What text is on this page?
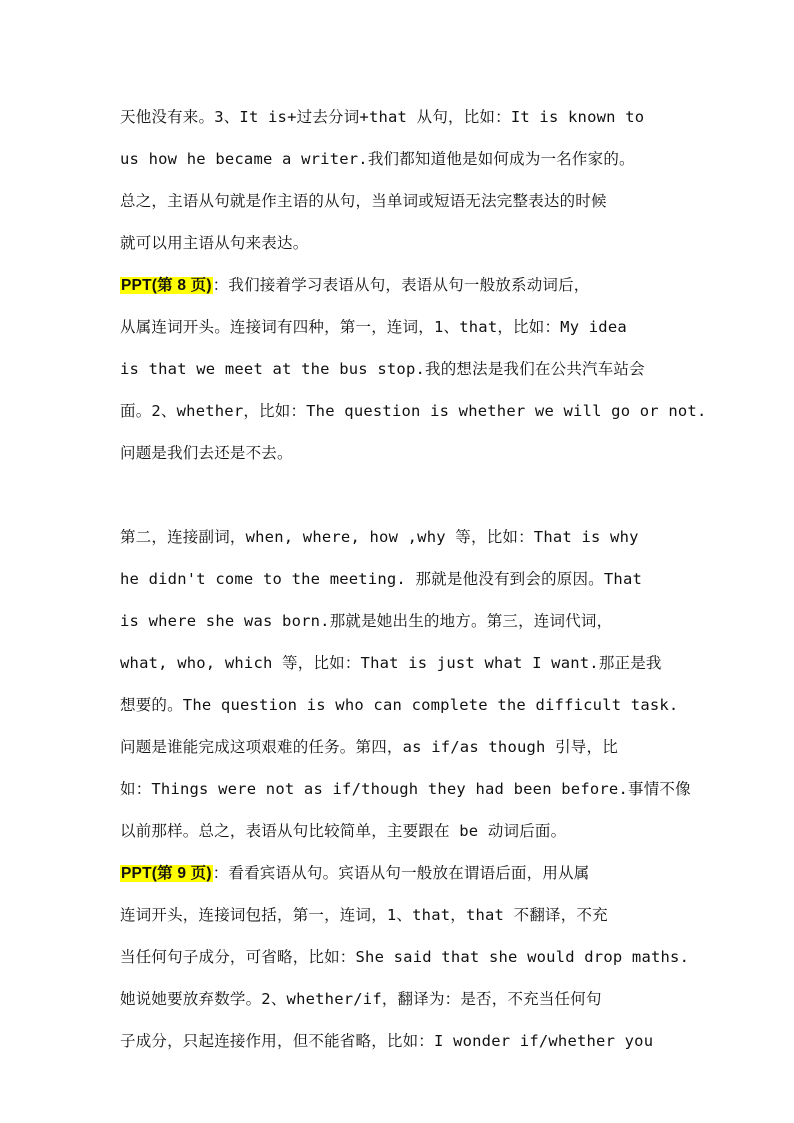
天他没有来。3、It is+过去分词+that 从句，比如：It is known to
us how he became a writer.我们都知道他是如何成为一名作家的。
总之，主语从句就是作主语的从句，当单词或短语无法完整表达的时候
就可以用主语从句来表达。
PPT(第 8 页)：我们接着学习表语从句，表语从句一般放系动词后，
从属连词开头。连接词有四种，第一，连词，1、that，比如：My idea
is that we meet at the bus stop.我的想法是我们在公共汽车站会
面。2、whether，比如：The question is whether we will go or not.
问题是我们去还是不去。
第二，连接副词，when, where, how ,why 等，比如：That is why
he didn't come to the meeting. 那就是他没有到会的原因。That
is where she was born.那就是她出生的地方。第三，连词代词，
what, who, which 等，比如：That is just what I want.那正是我
想要的。The question is who can complete the difficult task.
问题是谁能完成这项艰难的任务。第四，as if/as though 引导，比
如：Things were not as if/though they had been before.事情不像
以前那样。总之，表语从句比较简单，主要跟在 be 动词后面。
PPT(第 9 页)：看看宾语从句。宾语从句一般放在谓语后面，用从属
连词开头，连接词包括，第一，连词，1、that，that 不翻译，不充
当任何句子成分，可省略，比如：She said that she would drop maths.
她说她要放弃数学。2、whether/if，翻译为：是否，不充当任何句
子成分，只起连接作用，但不能省略，比如：I wonder if/whether you
